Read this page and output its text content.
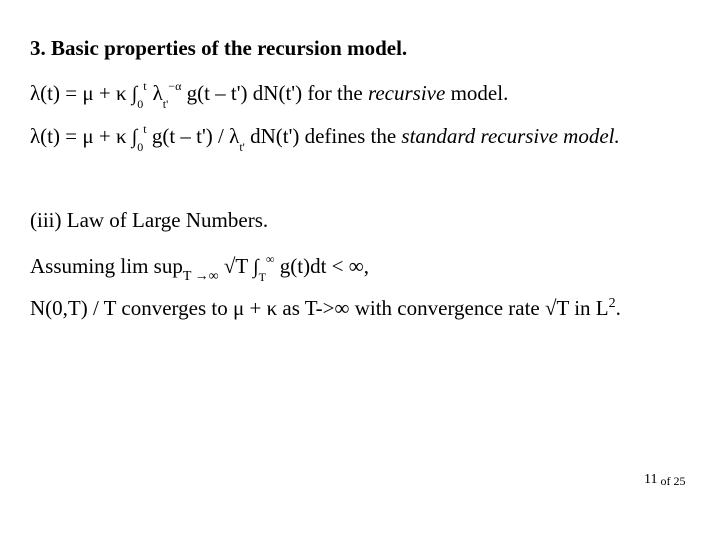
3. Basic properties of the recursion model.
λ(t) = μ + κ $\int_0^t$ $\lambda_{t'}^{-\alpha}$ g(t – t') dN(t') for the recursive model.
λ(t) = μ + κ $\int_0^t$ $g(t - t') / \lambda_{t'}$ dN(t') defines the standard recursive model.
(iii) Law of Large Numbers.
Assuming lim sup$_{T \to\infty}$ √T $\int_T^\infty$ g(t)dt < ∞,
N(0,T) / T converges to μ + κ as T->∞ with convergence rate √T in $L^2$.
11 of 25
